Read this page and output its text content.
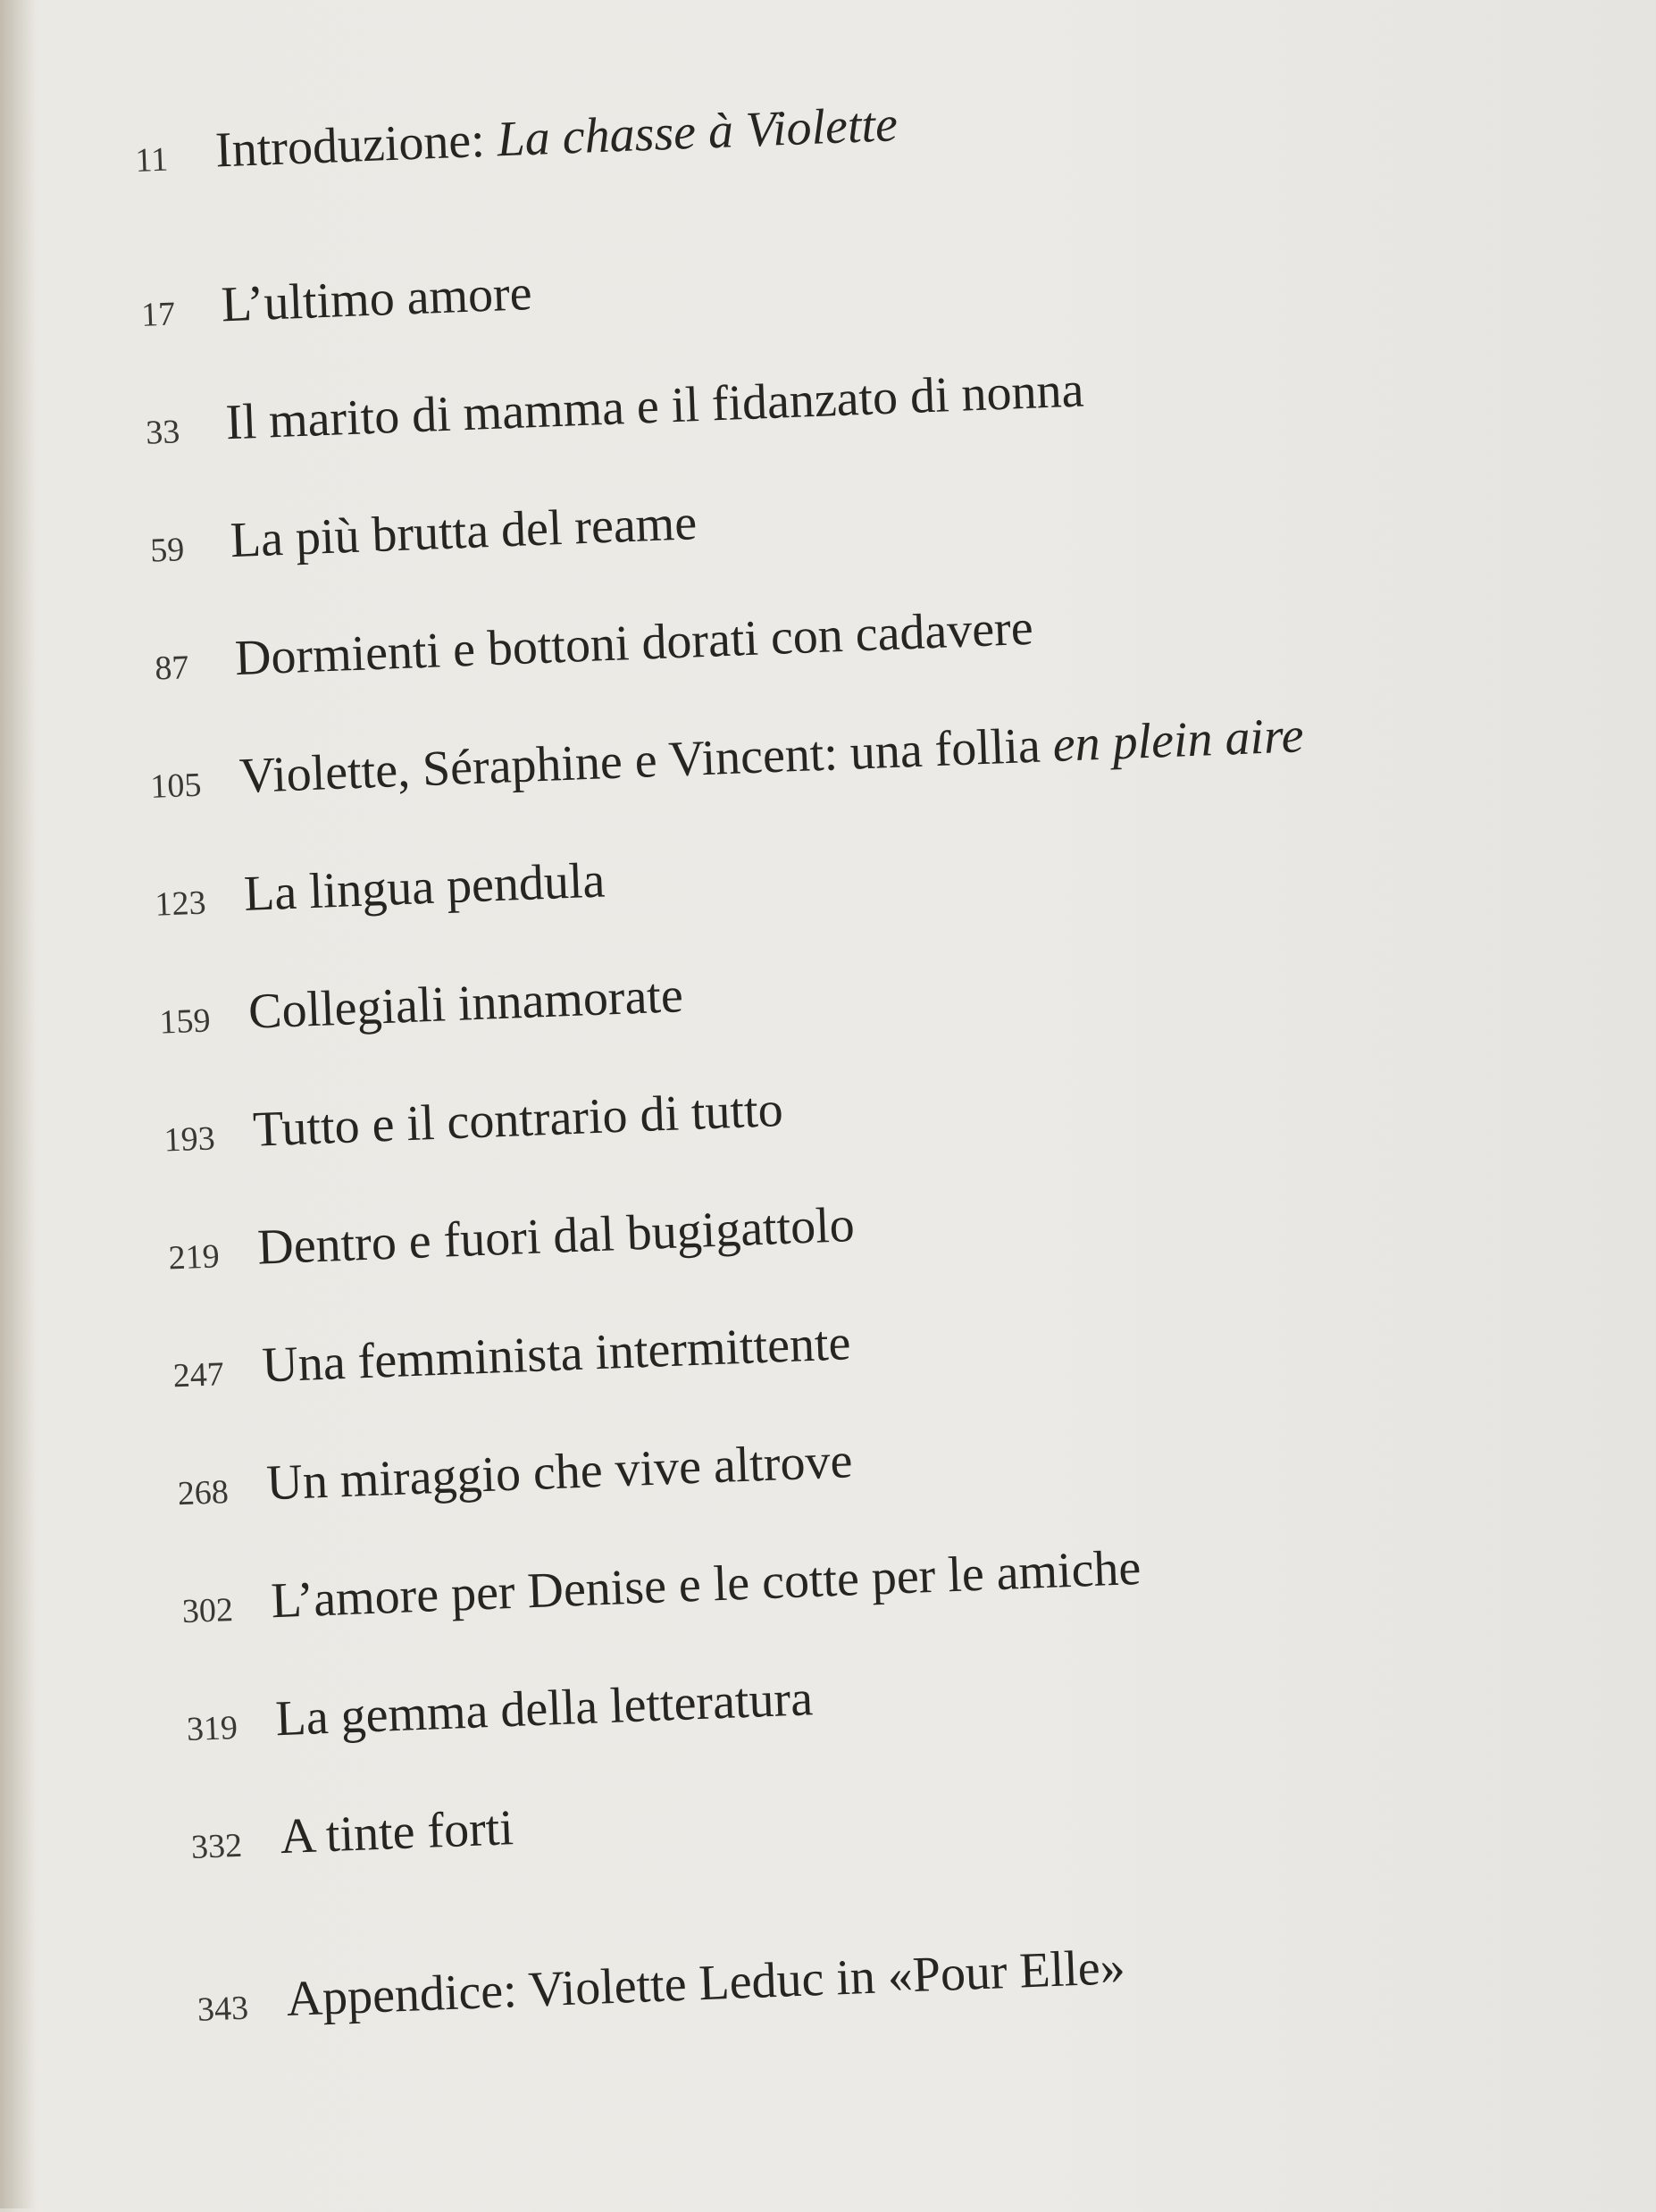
11 Introduzione: La chasse à Violette
17 L’ultimo amore
33 Il marito di mamma e il fidanzato di nonna
59 La più brutta del reame
87 Dormienti e bottoni dorati con cadavere
105 Violette, Séraphine e Vincent: una follia en plein aire
123 La lingua pendula
159 Collegiali innamorate
193 Tutto e il contrario di tutto
219 Dentro e fuori dal bugigattolo
247 Una femminista intermittente
268 Un miraggio che vive altrove
302 L’amore per Denise e le cotte per le amiche
319 La gemma della letteratura
332 A tinte forti
343 Appendice: Violette Leduc in «Pour Elle»
